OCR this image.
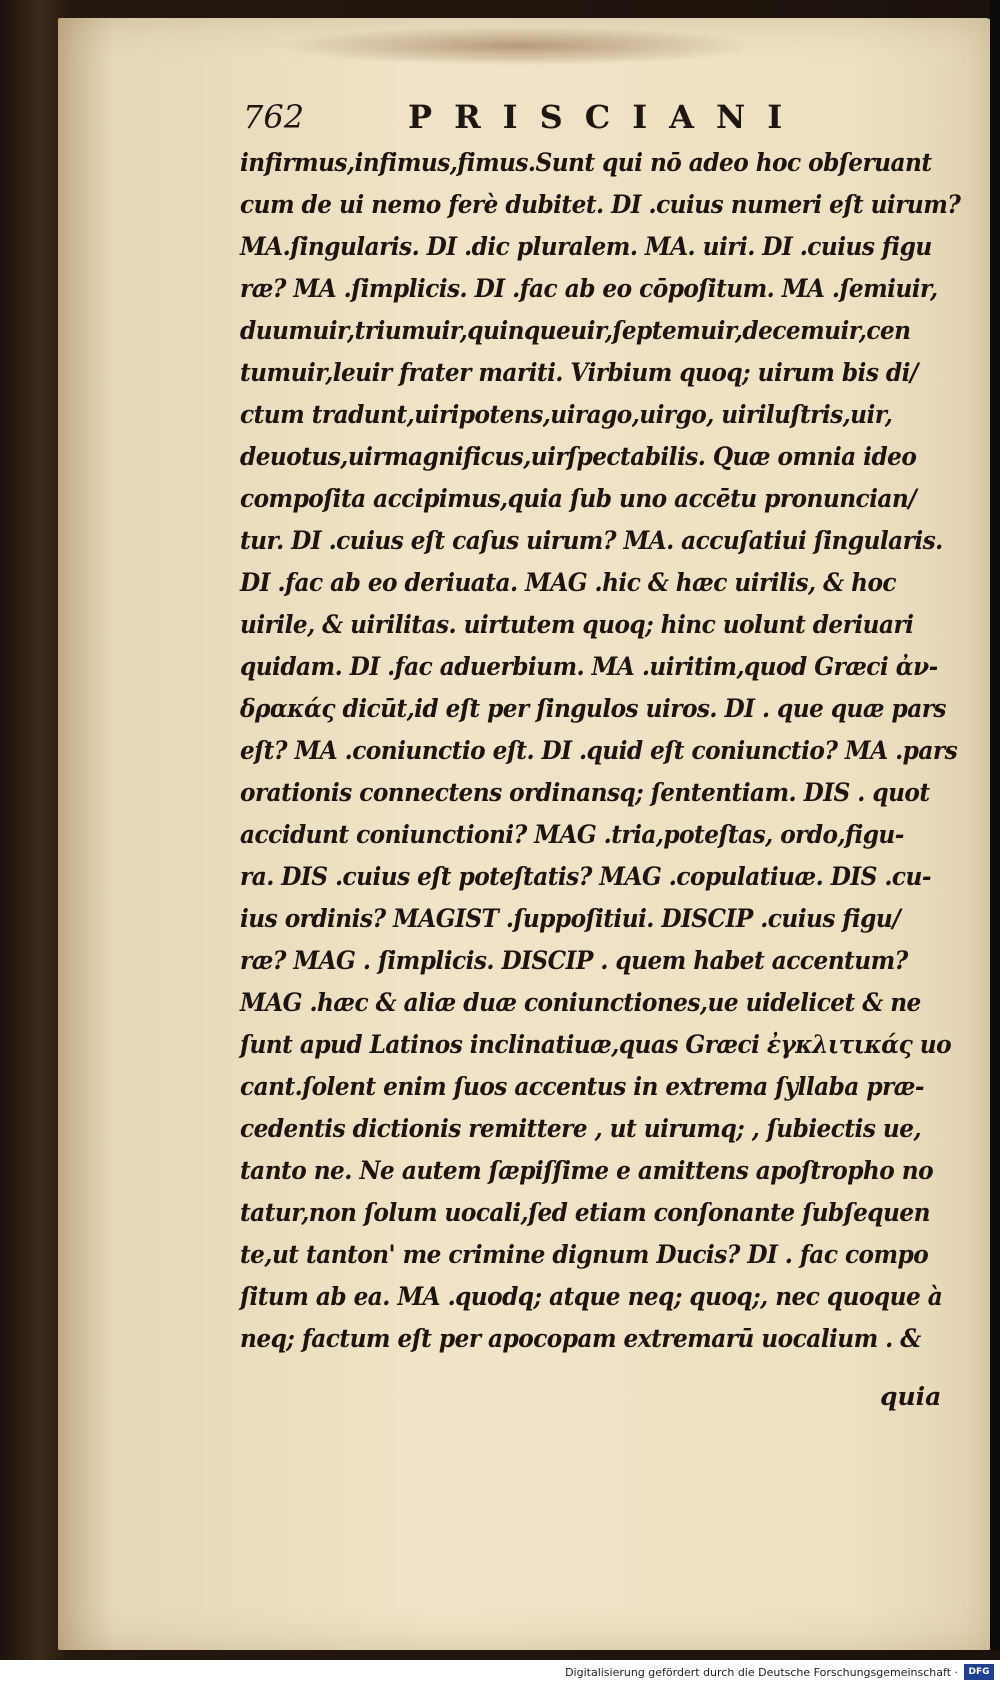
762	PRISCIANI
infirmus,infimus,fimus.Sunt qui nō adeo hoc obſeruant
cum de ui nemo ferè dubitet. DI .cuius numeri eſt uirum?
MA.ſingularis. DI .dic pluralem. MA. uiri. DI .cuius figu
ræ? MA .ſimplicis. DI .fac ab eo cōpoſitum. MA .ſemiuir,
duumuir,triumuir,quinqueuir,ſeptemuir,decemuir,cen
tumuir,leuir frater mariti. Virbium quoq; uirum bis di/
ctum tradunt,uiripotens,uirago,uirgo, uiriluſtris,uir,
deuotus,uirmagnificus,uirſpectabilis. Quæ omnia ideo
compoſita accipimus,quia ſub uno accētu pronuncian/
tur. DI .cuius eſt caſus uirum? MA. accuſatiui ſingularis.
DI .fac ab eo deriuata. MAG .hic & hæc uirilis, & hoc
uirile, & uirilitas. uirtutem quoq; hinc uolunt deriuari
quidam. DI .fac aduerbium. MA .uiritim,quod Græci ἀν-
δρακάς dicūt,id eſt per ſingulos uiros. DI . que quæ pars
eſt? MA .coniunctio eſt. DI .quid eſt coniunctio? MA .pars
orationis connectens ordinansq; ſententiam. DIS . quot
accidunt coniunctioni? MAG .tria,poteſtas, ordo,figu-
ra. DIS .cuius eſt poteſtatis? MAG .copulatiuæ. DIS .cu-
ius ordinis? MAGIST .ſuppoſitiui. DISCIP .cuius figu/
ræ? MAG . ſimplicis. DISCIP . quem habet accentum?
MAG .hæc & aliæ duæ coniunctiones,ue uidelicet & ne
ſunt apud Latinos inclinatiuæ,quas Græci ἐγκλιτικάς uo
cant.ſolent enim ſuos accentus in extrema ſyllaba præ-
cedentis dictionis remittere , ut uirumq; , ſubiectis ue,
tanto ne. Ne autem ſæpiſſime e amittens apoſtropho no
tatur,non ſolum uocali,ſed etiam conſonante ſubſequen
te,ut tanton' me crimine dignum Ducis? DI . fac compo
ſitum ab ea. MA .quodq; atque neq; quoq;, nec quoque à
neq; factum eſt per apocopam extremarū uocalium . &
quia
Digitalisierung gefördert durch die Deutsche Forschungsgemeinschaft ·	DFG
